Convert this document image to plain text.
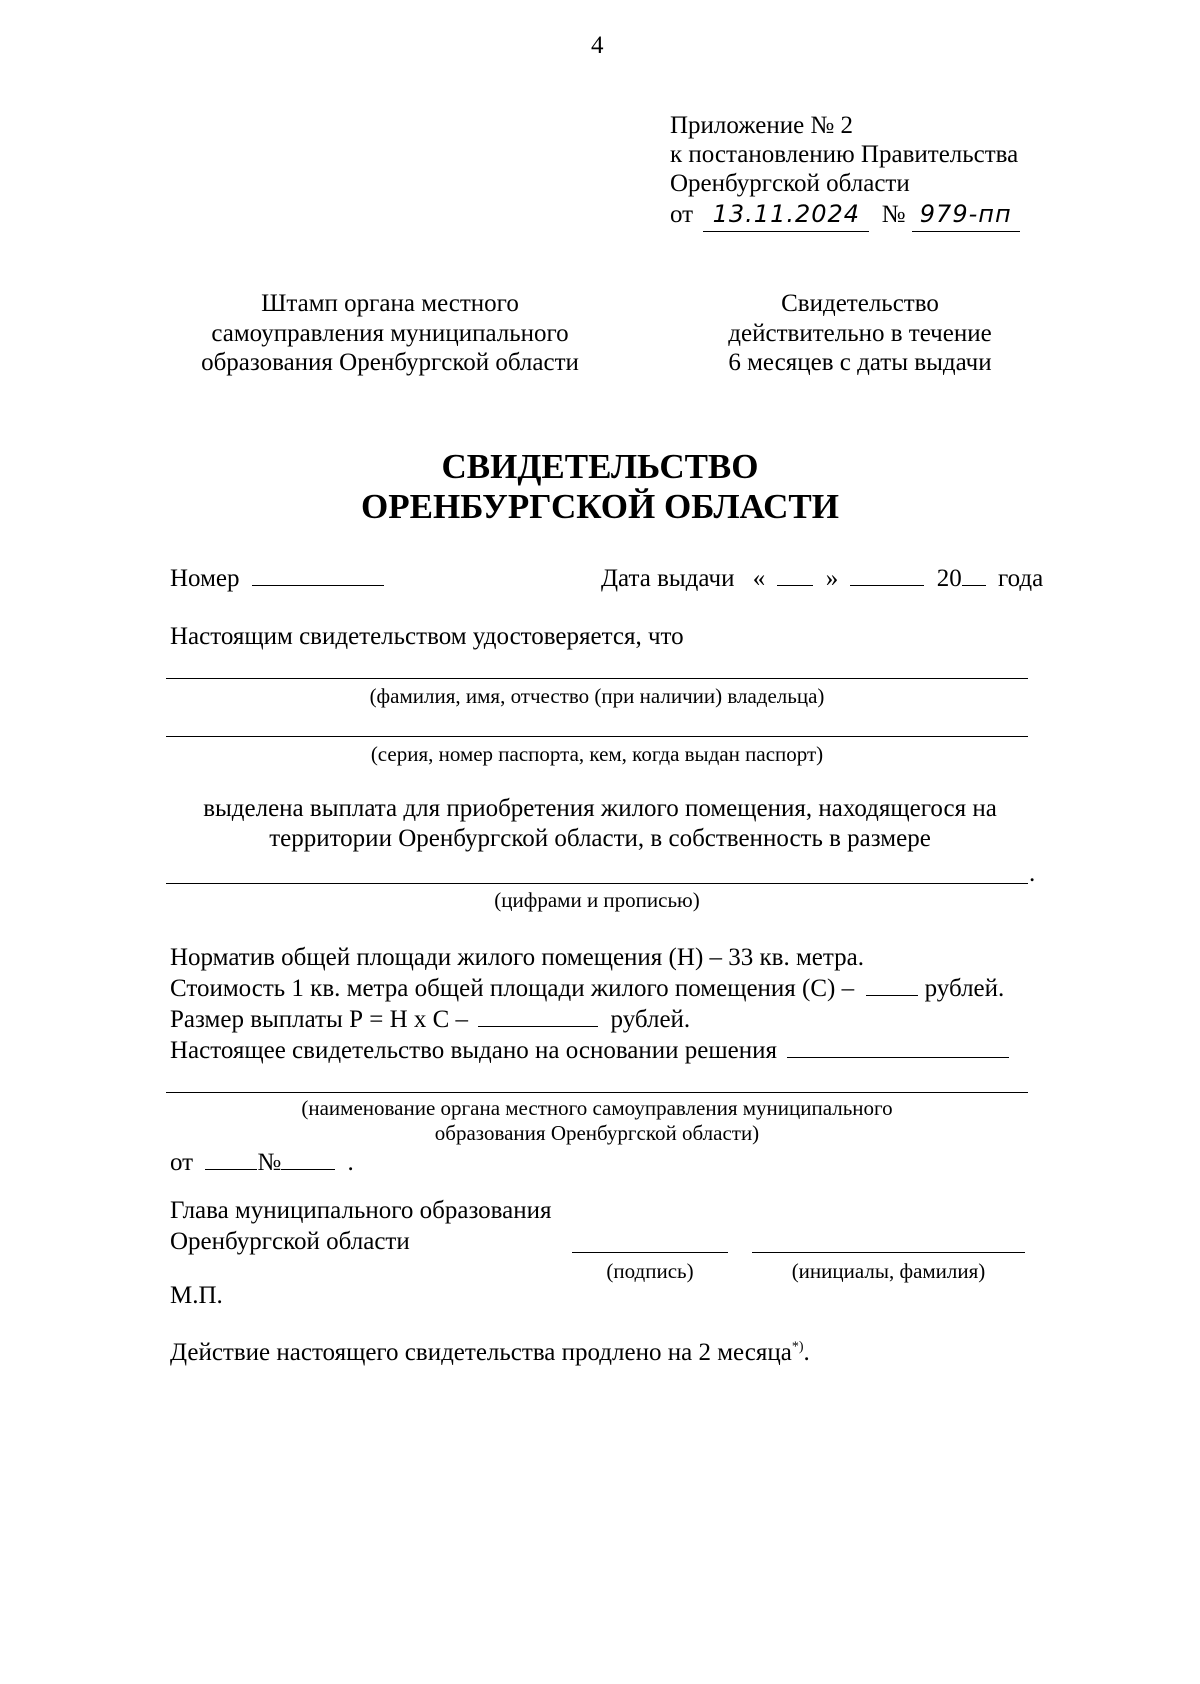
4
Приложение № 2
к постановлению Правительства
Оренбургской области
от 13.11.2024 № 979-пп
Штамп органа местного
самоуправления муниципального
образования Оренбургской области
Свидетельство
действительно в течение
6 месяцев с даты выдачи
СВИДЕТЕЛЬСТВО
ОРЕНБУРГСКОЙ ОБЛАСТИ
Номер	Дата выдачи « »	20 года
Настоящим свидетельством удостоверяется, что
(фамилия, имя, отчество (при наличии) владельца)
(серия, номер паспорта, кем, когда выдан паспорт)
выделена выплата для приобретения жилого помещения, находящегося на
территории Оренбургской области, в собственность в размере
.
(цифрами и прописью)
Норматив общей площади жилого помещения (Н) – 33 кв. метра.
Стоимость 1 кв. метра общей площади жилого помещения (С) –	рублей.
Размер выплаты Р = Н х С –	рублей.
Настоящее свидетельство выдано на основании решения
(наименование органа местного самоуправления муниципального
образования Оренбургской области)
от	№	.
Глава муниципального образования
Оренбургской области
(подпись)	(инициалы, фамилия)
М.П.
Действие настоящего свидетельства продлено на 2 месяца*).
